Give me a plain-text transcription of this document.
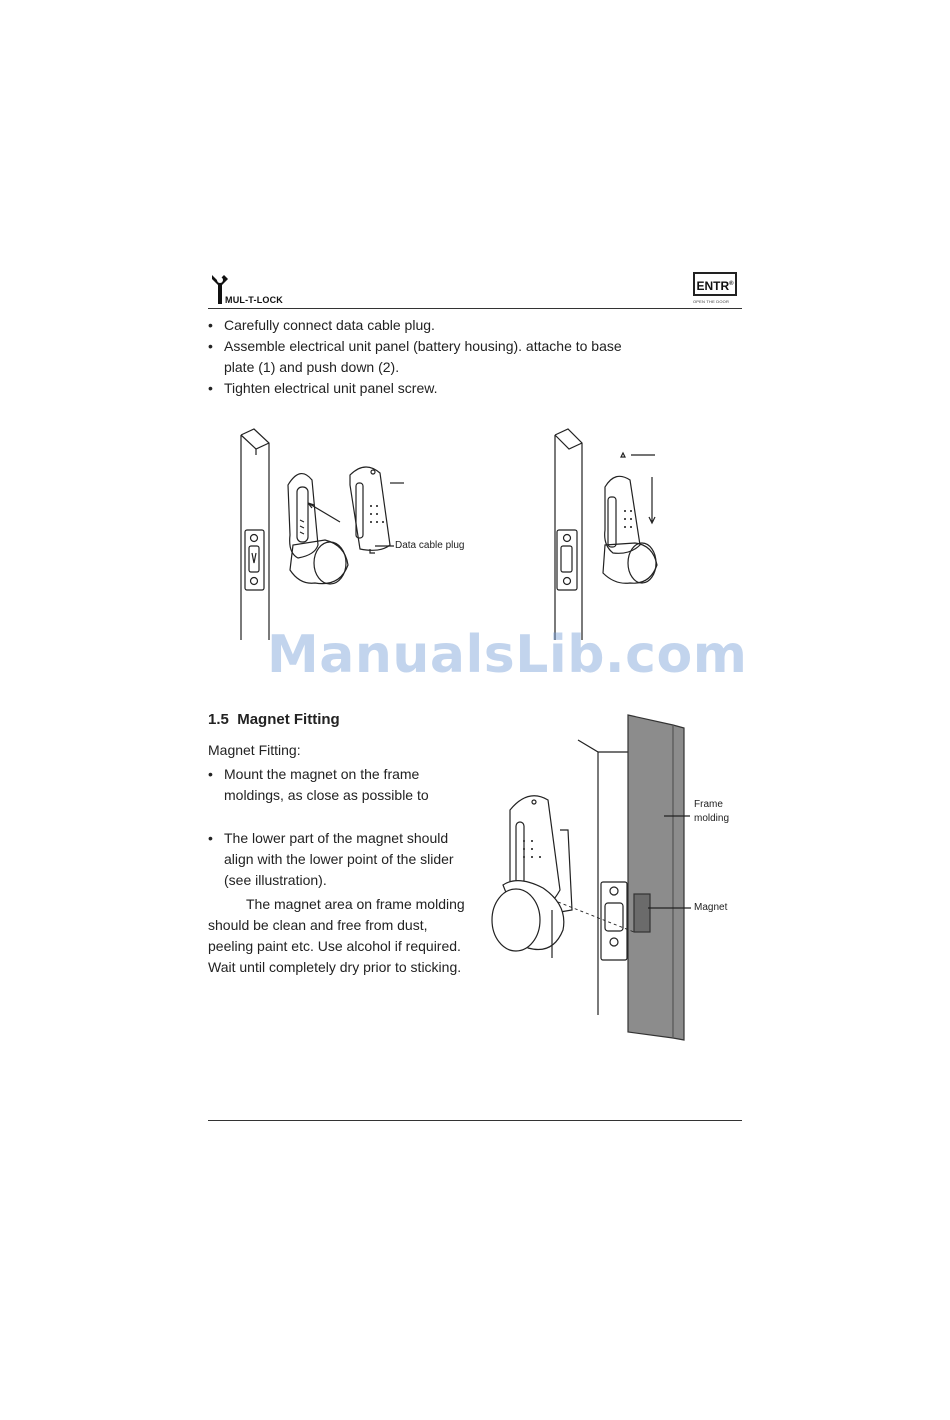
MUL-T-LOCK
ENTR®
OPEN THE DOOR
• Carefully connect data cable plug.
• Assemble electrical unit panel (battery housing). attache to base plate (1) and push down (2).
• Tighten electrical unit panel screw.
Data cable plug
ManualsLib.com
1.5 Magnet Fitting
Magnet Fitting:
• Mount the magnet on the frame moldings, as close as possible to
• The lower part of the magnet should align with the lower point of the slider (see illustration).
The magnet area on frame molding should be clean and free from dust, peeling paint etc. Use alcohol if required. Wait until completely dry prior to sticking.
Frame
molding
Magnet
